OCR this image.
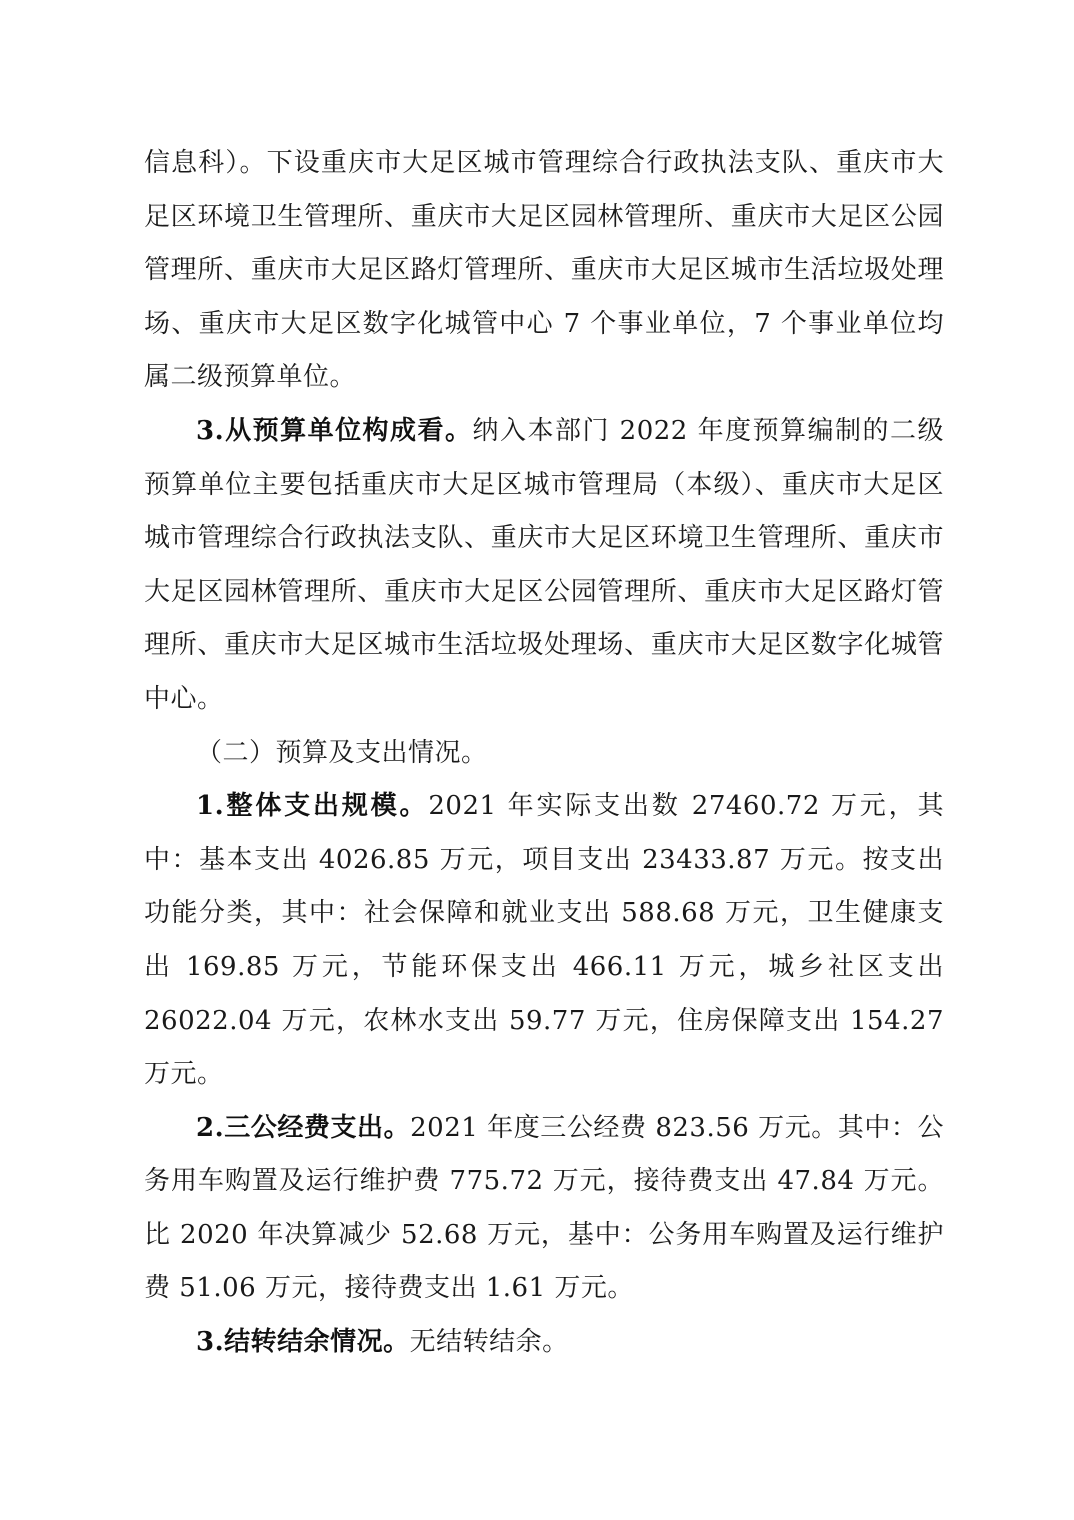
信息科）。下设重庆市大足区城市管理综合行政执法支队、重庆市大足区环境卫生管理所、重庆市大足区园林管理所、重庆市大足区公园管理所、重庆市大足区路灯管理所、重庆市大足区城市生活垃圾处理场、重庆市大足区数字化城管中心 7 个事业单位，7 个事业单位均属二级预算单位。

3.从预算单位构成看。纳入本部门 2022 年度预算编制的二级预算单位主要包括重庆市大足区城市管理局（本级）、重庆市大足区城市管理综合行政执法支队、重庆市大足区环境卫生管理所、重庆市大足区园林管理所、重庆市大足区公园管理所、重庆市大足区路灯管理所、重庆市大足区城市生活垃圾处理场、重庆市大足区数字化城管中心。

（二）预算及支出情况。

1.整体支出规模。2021 年实际支出数 27460.72 万元，其中：基本支出 4026.85 万元，项目支出 23433.87 万元。按支出功能分类，其中：社会保障和就业支出 588.68 万元，卫生健康支出 169.85 万元，节能环保支出 466.11 万元，城乡社区支出 26022.04 万元，农林水支出 59.77 万元，住房保障支出 154.27 万元。

2.三公经费支出。2021 年度三公经费 823.56 万元。其中：公务用车购置及运行维护费 775.72 万元，接待费支出 47.84 万元。比 2020 年决算减少 52.68 万元，基中：公务用车购置及运行维护费 51.06 万元，接待费支出 1.61 万元。

3.结转结余情况。无结转结余。
